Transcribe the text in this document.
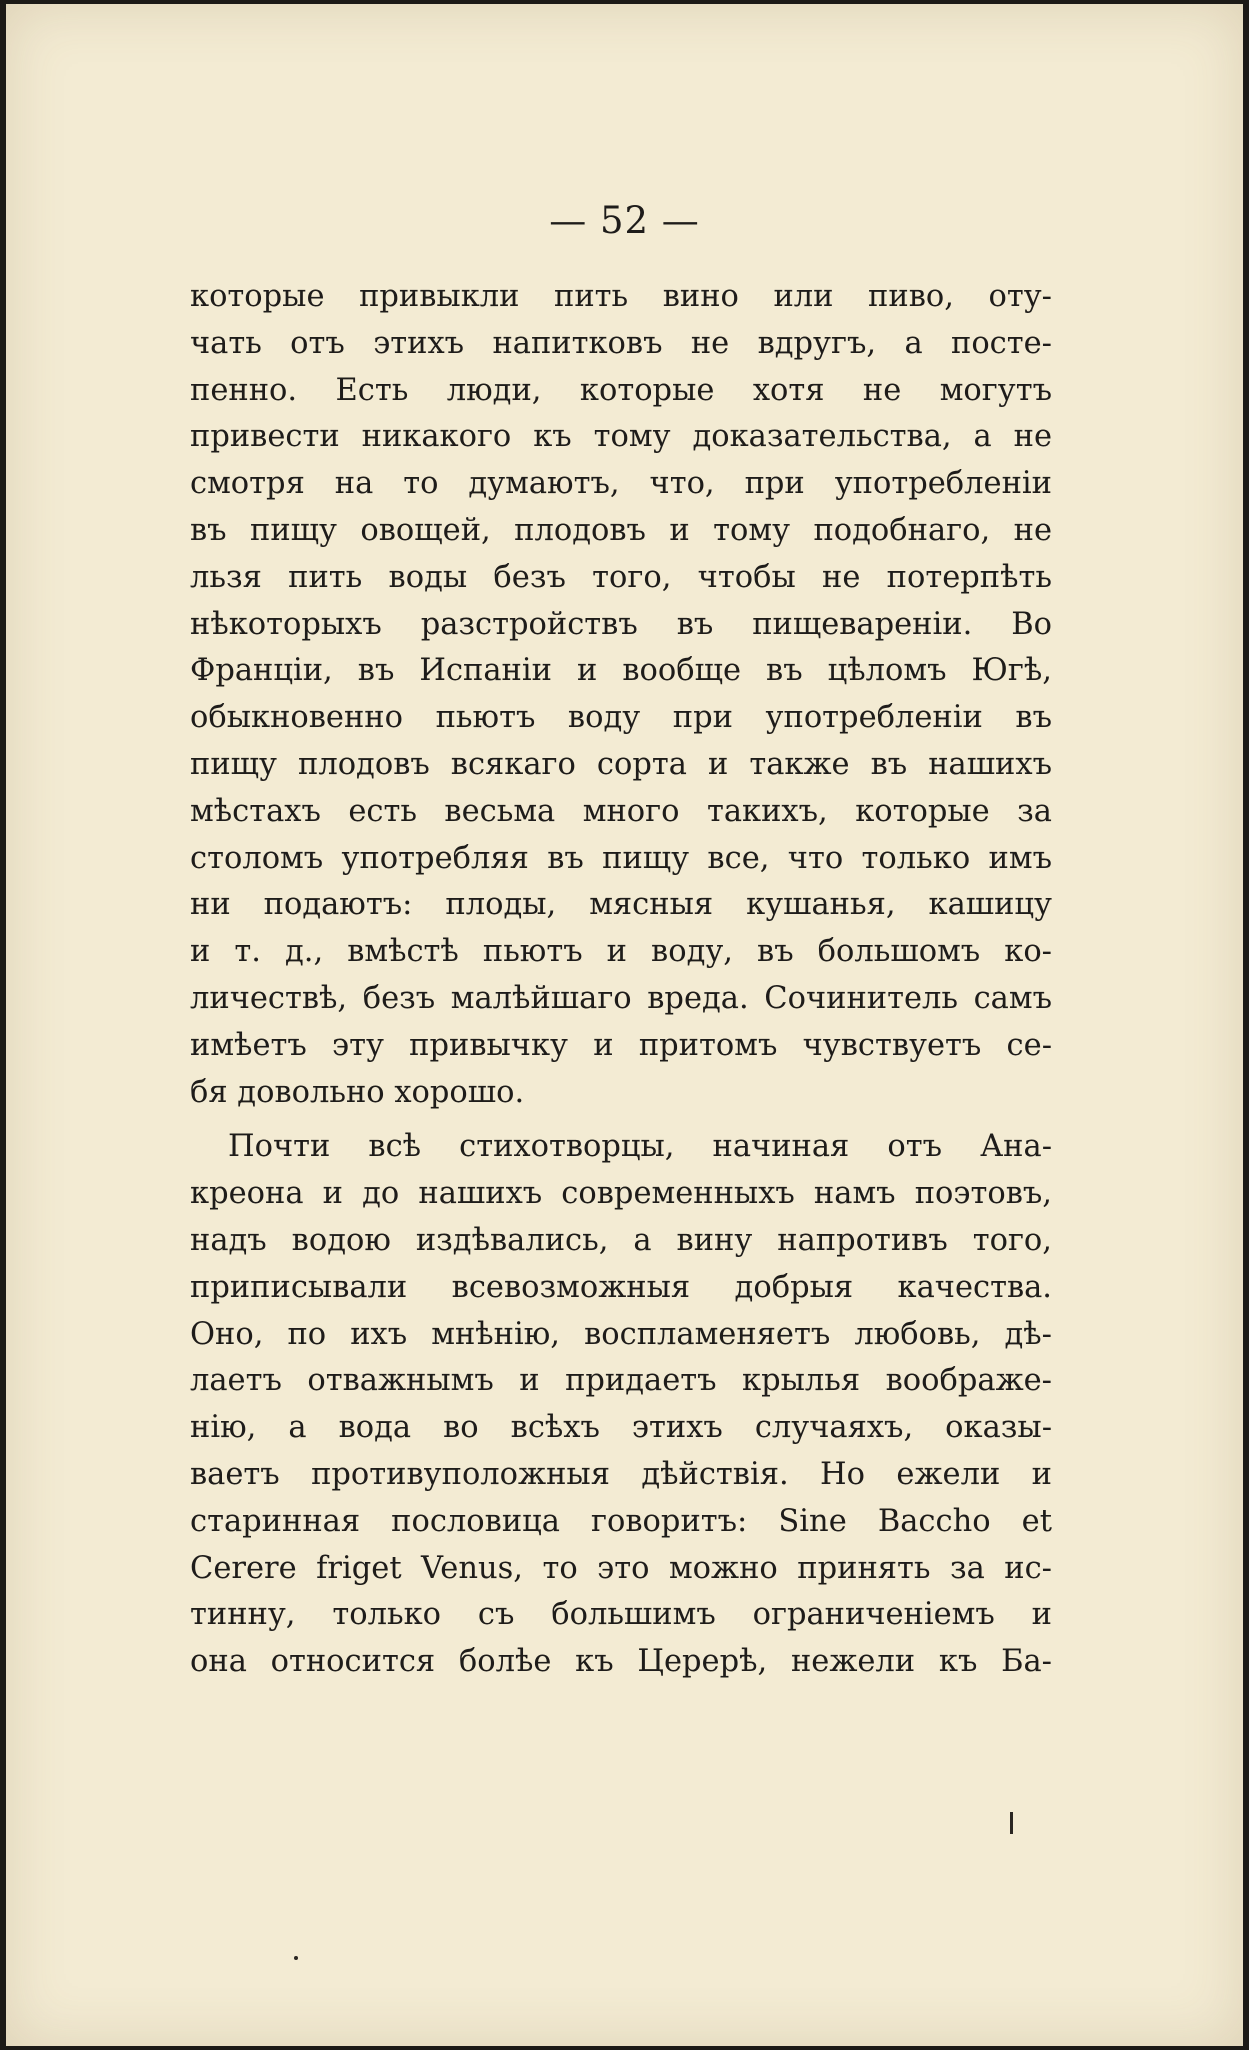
— 52 —
которые привыкли пить вино или пиво, оту-
чать отъ этихъ напитковъ не вдругъ, а посте-
пенно. Есть люди, которые хотя не могутъ
привести никакого къ тому доказательства, а не
смотря на то думаютъ, что, при употребленiи
въ пищу овощей, плодовъ и тому подобнаго, не
льзя пить воды безъ того, чтобы не потерпѣть
нѣкоторыхъ разстройствъ въ пищеваренiи. Во
Францiи, въ Испанiи и вообще въ цѣломъ Югѣ,
обыкновенно пьютъ воду при употребленiи въ
пищу плодовъ всякаго сорта и также въ нашихъ
мѣстахъ есть весьма много такихъ, которые за
столомъ употребляя въ пищу все, что только имъ
ни подаютъ: плоды, мясныя кушанья, кашицу
и т. д., вмѣстѣ пьютъ и воду, въ большомъ ко-
личествѣ, безъ малѣйшаго вреда. Сочинитель самъ
имѣетъ эту привычку и притомъ чувствуетъ се-
бя довольно хорошо.
Почти всѣ стихотворцы, начиная отъ Ана-
креона и до нашихъ современныхъ намъ поэтовъ,
надъ водою издѣвались, а вину напротивъ того,
приписывали всевозможныя добрыя качества.
Оно, по ихъ мнѣнiю, воспламеняетъ любовь, дѣ-
лаетъ отважнымъ и придаетъ крылья воображе-
нiю, а вода во всѣхъ этихъ случаяхъ, оказы-
ваетъ противуположныя дѣйствiя. Но ежели и
старинная пословица говоритъ: Sine Baccho et
Cerere friget Venus, то это можно принять за ис-
тинну, только съ большимъ ограниченiемъ и
она относится болѣе къ Церерѣ, нежели къ Ба-
